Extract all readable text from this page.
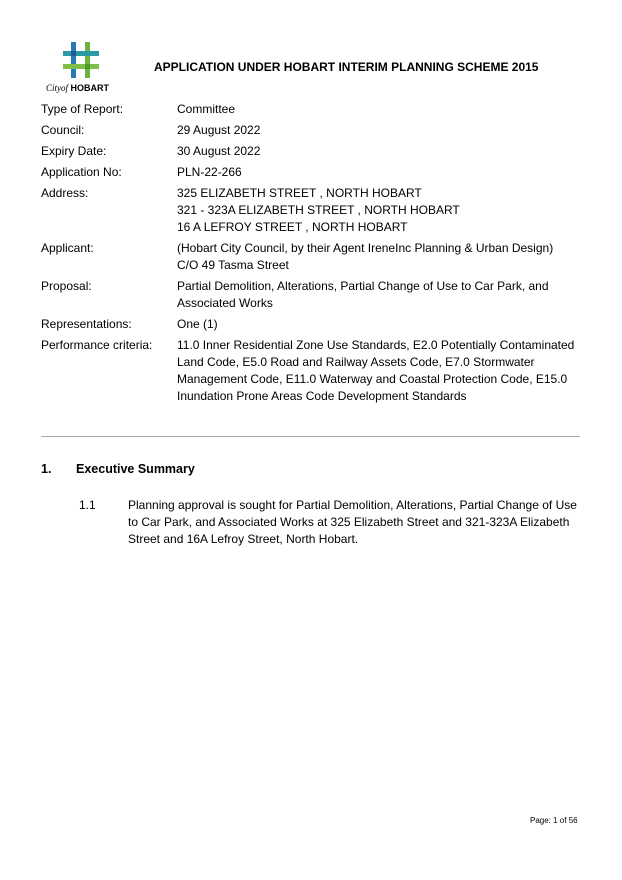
Cityof HOBART
APPLICATION UNDER HOBART INTERIM PLANNING SCHEME 2015
Type of Report:	Committee
Council:	29 August 2022
Expiry Date:	30 August 2022
Application No:	PLN-22-266
Address:	325 ELIZABETH STREET , NORTH HOBART
321 - 323A ELIZABETH STREET , NORTH HOBART
16 A LEFROY STREET , NORTH HOBART
Applicant:	(Hobart City Council, by their Agent IreneInc Planning & Urban Design)
C/O 49 Tasma Street
Proposal:	Partial Demolition, Alterations, Partial Change of Use to Car Park, and Associated Works
Representations:	One (1)
Performance criteria:	11.0 Inner Residential Zone Use Standards, E2.0 Potentially Contaminated Land Code, E5.0 Road and Railway Assets Code, E7.0 Stormwater Management Code, E11.0 Waterway and Coastal Protection Code, E15.0 Inundation Prone Areas Code Development Standards
1. Executive Summary
1.1	Planning approval is sought for Partial Demolition, Alterations, Partial Change of Use to Car Park, and Associated Works at 325 Elizabeth Street and 321-323A Elizabeth Street and 16A Lefroy Street, North Hobart.
Page: 1 of 56
